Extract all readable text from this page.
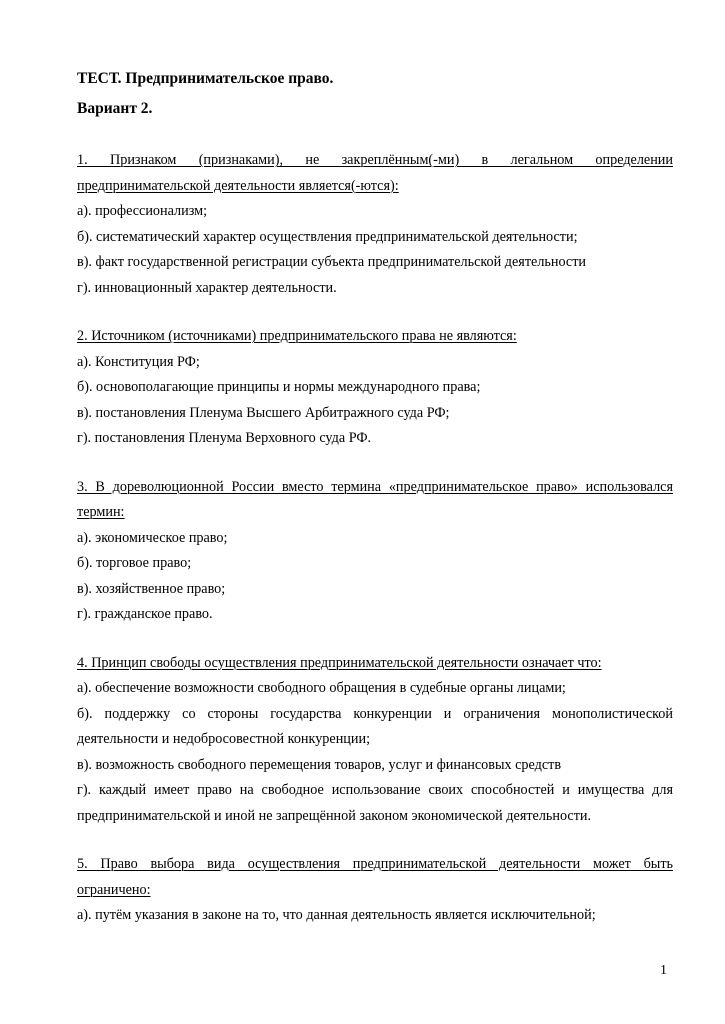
ТЕСТ. Предпринимательское право.

Вариант 2.

1. Признаком (признаками), не закреплённым(-ми) в легальном определении предпринимательской деятельности является(-ются):

а). профессионализм;

б). систематический характер осуществления предпринимательской деятельности;

в). факт государственной регистрации субъекта предпринимательской деятельности

г). инновационный характер деятельности.

2. Источником (источниками) предпринимательского права не являются:

а). Конституция РФ;

б). основополагающие принципы и нормы международного права;

в). постановления Пленума Высшего Арбитражного суда РФ;

г). постановления Пленума Верховного суда РФ.

3. В дореволюционной России вместо термина «предпринимательское право» использовался термин:

а). экономическое право;

б). торговое право;

в). хозяйственное право;

г). гражданское право.

4. Принцип свободы осуществления предпринимательской деятельности означает что:

а). обеспечение возможности свободного обращения в судебные органы лицами;

б). поддержку со стороны государства конкуренции и ограничения монополистической деятельности и недобросовестной конкуренции;

в). возможность свободного перемещения товаров, услуг и финансовых средств

г). каждый имеет право на свободное использование своих способностей и имущества для предпринимательской и иной не запрещённой законом экономической деятельности.

5. Право выбора вида осуществления предпринимательской деятельности может быть ограничено:

а). путём указания в законе на то, что данная деятельность является исключительной;

1
